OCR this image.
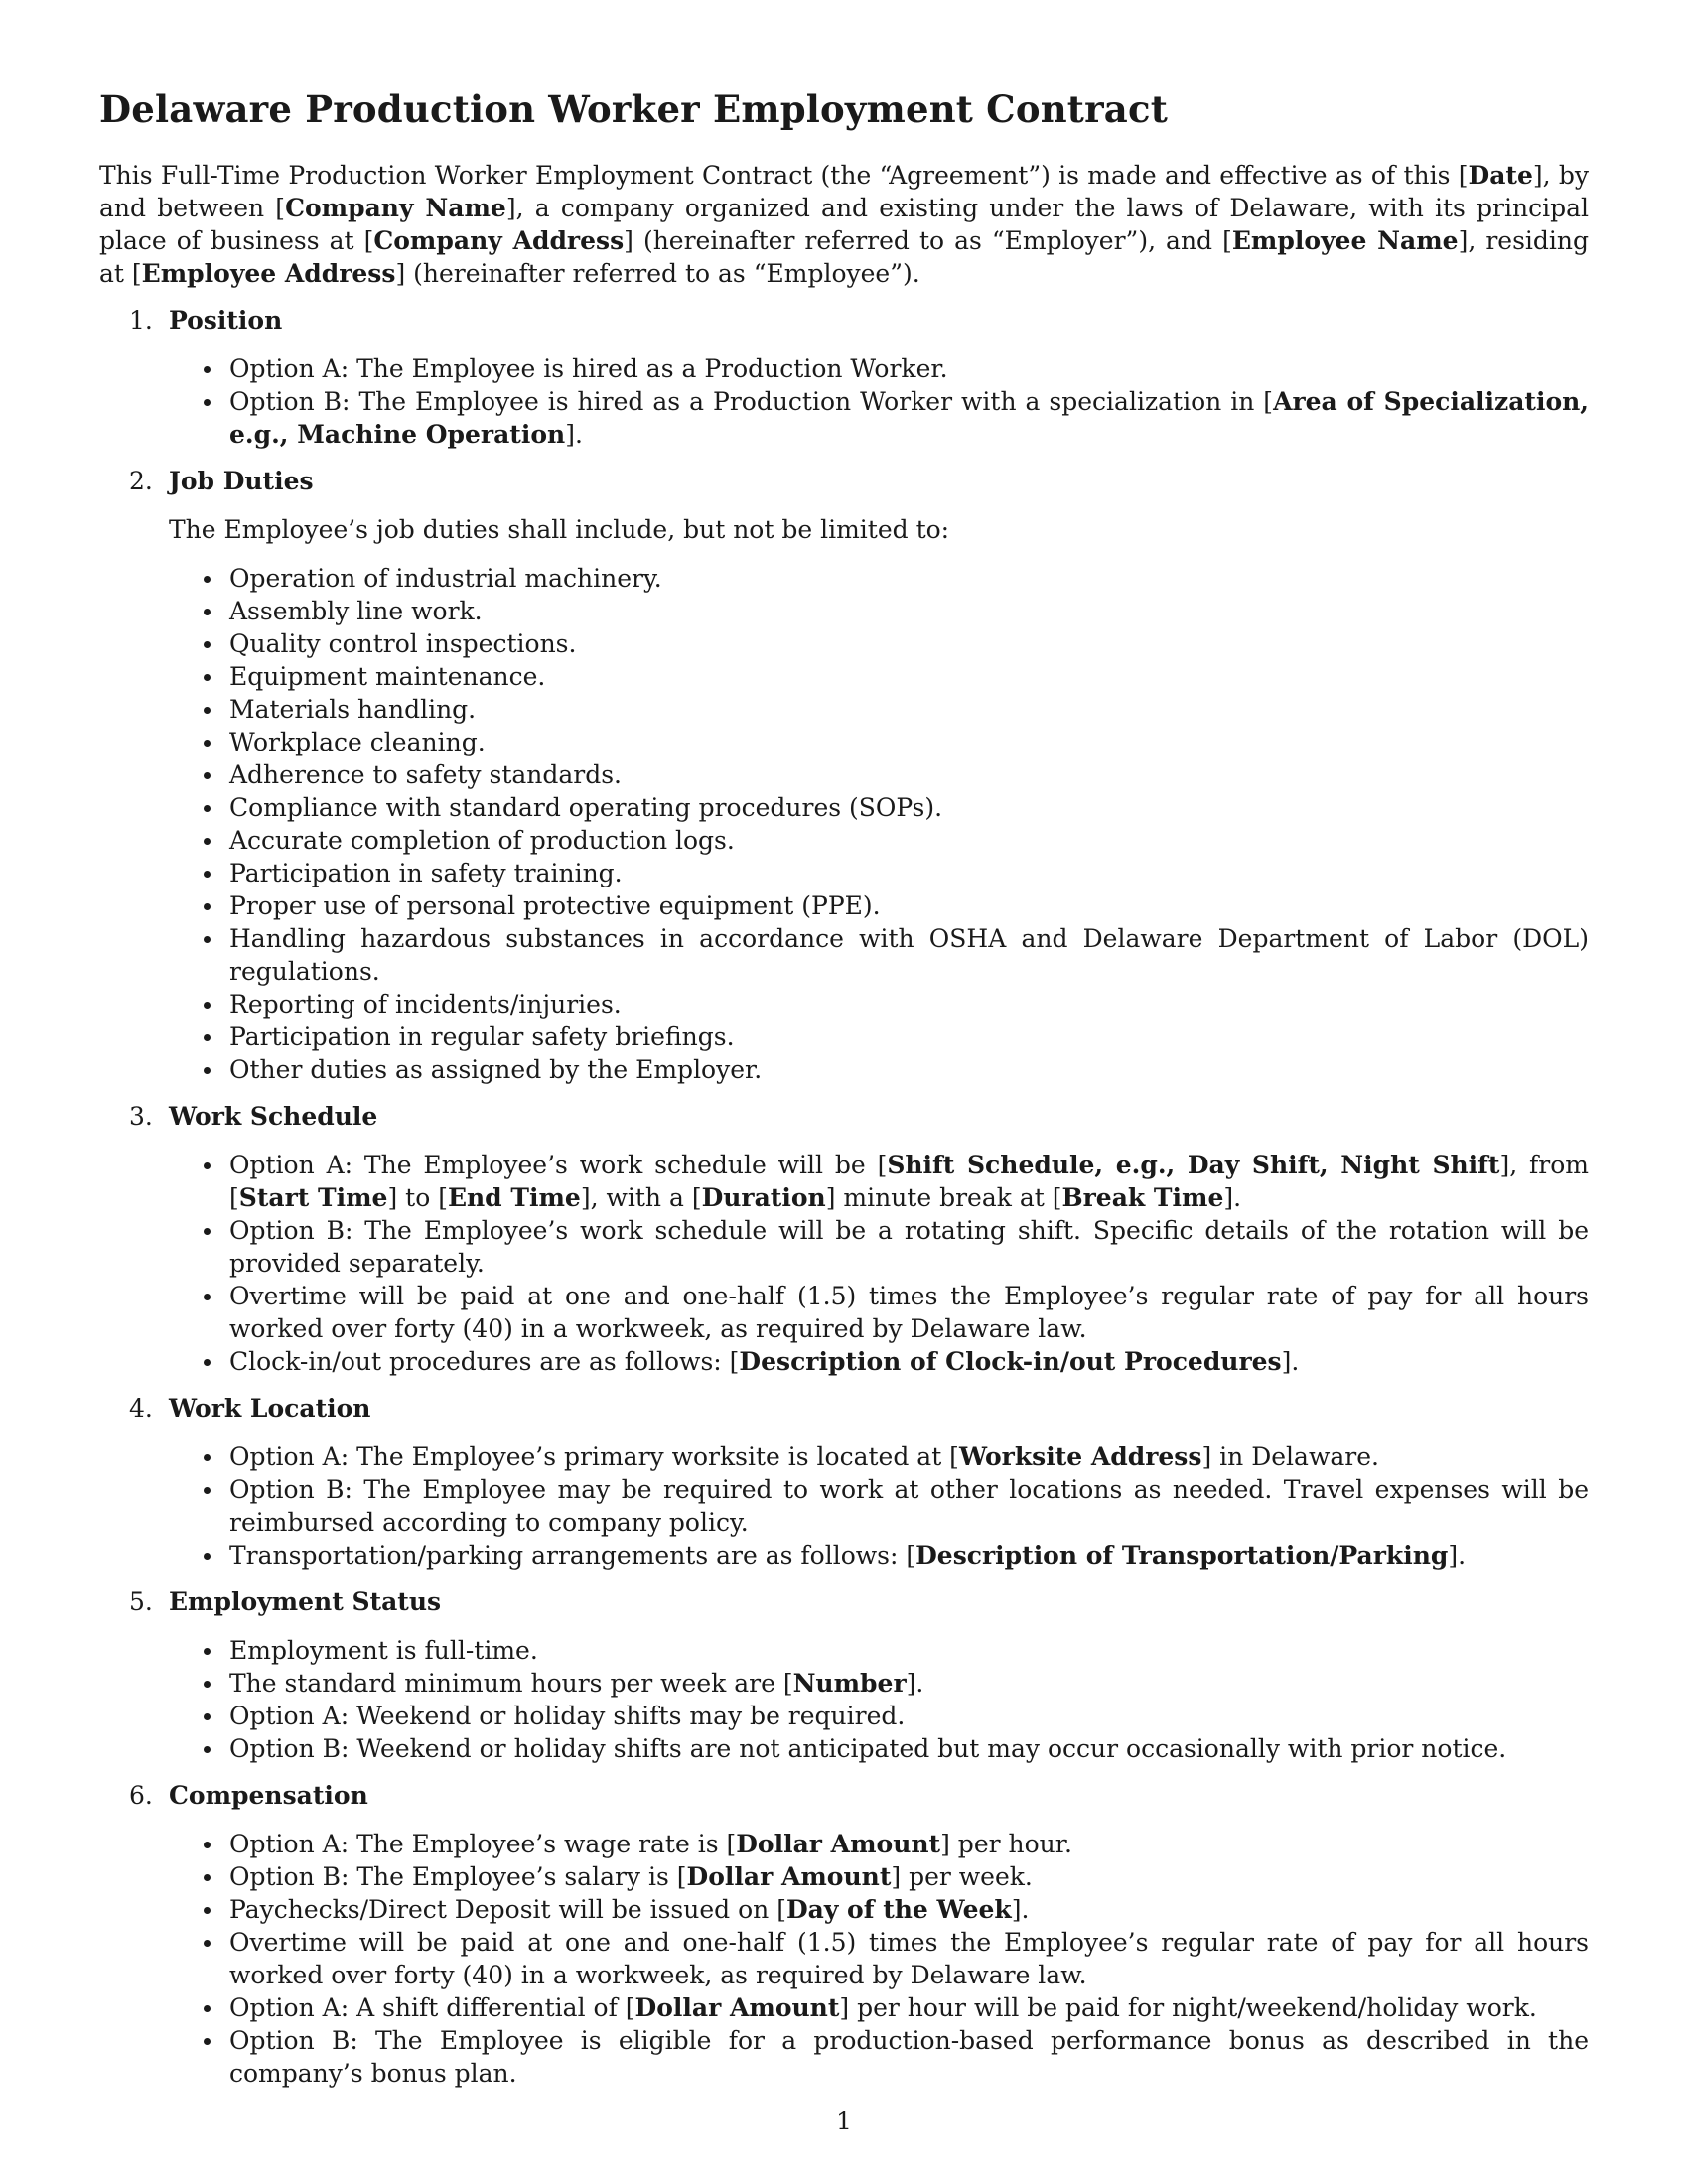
Delaware Production Worker Employment Contract

This Full-Time Production Worker Employment Contract (the “Agreement”) is made and effective as of this [Date], by and between [Company Name], a company organized and existing under the laws of Delaware, with its principal place of business at [Company Address] (hereinafter referred to as “Employer”), and [Employee Name], residing at [Employee Address] (hereinafter referred to as “Employee”).

1. Position
Option A: The Employee is hired as a Production Worker.
Option B: The Employee is hired as a Production Worker with a specialization in [Area of Specialization, e.g., Machine Operation].
2. Job Duties
The Employee’s job duties shall include, but not be limited to:
Operation of industrial machinery.
Assembly line work.
Quality control inspections.
Equipment maintenance.
Materials handling.
Workplace cleaning.
Adherence to safety standards.
Compliance with standard operating procedures (SOPs).
Accurate completion of production logs.
Participation in safety training.
Proper use of personal protective equipment (PPE).
Handling hazardous substances in accordance with OSHA and Delaware Department of Labor (DOL) regulations.
Reporting of incidents/injuries.
Participation in regular safety briefings.
Other duties as assigned by the Employer.
3. Work Schedule
Option A: The Employee’s work schedule will be [Shift Schedule, e.g., Day Shift, Night Shift], from [Start Time] to [End Time], with a [Duration] minute break at [Break Time].
Option B: The Employee’s work schedule will be a rotating shift. Specific details of the rotation will be provided separately.
Overtime will be paid at one and one-half (1.5) times the Employee’s regular rate of pay for all hours worked over forty (40) in a workweek, as required by Delaware law.
Clock-in/out procedures are as follows: [Description of Clock-in/out Procedures].
4. Work Location
Option A: The Employee’s primary worksite is located at [Worksite Address] in Delaware.
Option B: The Employee may be required to work at other locations as needed. Travel expenses will be reimbursed according to company policy.
Transportation/parking arrangements are as follows: [Description of Transportation/Parking].
5. Employment Status
Employment is full-time.
The standard minimum hours per week are [Number].
Option A: Weekend or holiday shifts may be required.
Option B: Weekend or holiday shifts are not anticipated but may occur occasionally with prior notice.
6. Compensation
Option A: The Employee’s wage rate is [Dollar Amount] per hour.
Option B: The Employee’s salary is [Dollar Amount] per week.
Paychecks/Direct Deposit will be issued on [Day of the Week].
Overtime will be paid at one and one-half (1.5) times the Employee’s regular rate of pay for all hours worked over forty (40) in a workweek, as required by Delaware law.
Option A: A shift differential of [Dollar Amount] per hour will be paid for night/weekend/holiday work.
Option B: The Employee is eligible for a production-based performance bonus as described in the company’s bonus plan.
1
